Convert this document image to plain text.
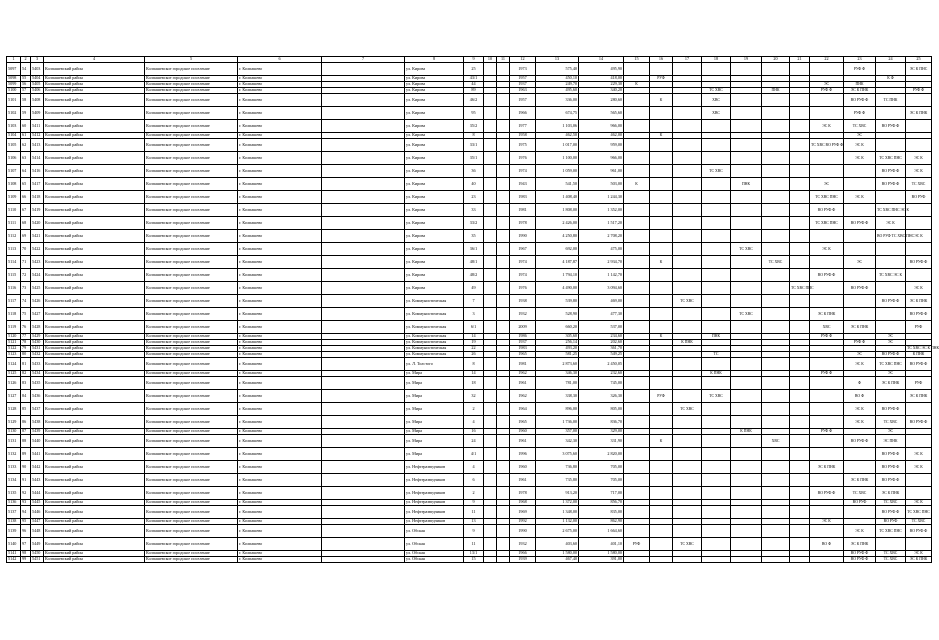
1	2	3	4	5	6	7	8	9	10	11	12	13	14	15	16	17	18	19	20	21	22	23	24	25
5097	54	5403	Колпашевский район	Колпашевское городское поселение	г. Колпашево		ул. Кирова	25			1973	575,40	495,90									РУФ Ф		ЭС К ПНС
5098	55	5404	Колпашевский район	Колпашевское городское поселение	г. Колпашево		ул. Кирова	43/1			1957	450,10	418,00		РУФ								К Ф	
5099	56	5405	Колпашевский район	Колпашевское городское поселение	г. Колпашево		ул. Кирова	44			1937	249,70	229,30	К							ЭС	ПНК		
5100	57	5406	Колпашевский район	Колпашевское городское поселение	г. Колпашево		ул. Кирова	89			1963	495,60	340,20				ТС ХВС		ПНК		РУФ Ф	ЭС К ПНК		РУФ Ф
5101	58	5408	Колпашевский район	Колпашевское городское поселение	г. Колпашево		ул. Кирова	46/2			1957	336,00	280,60		К		ХВС					ВО РУФ Ф	ТС ПНК	
5102	59	5409	Колпашевский район	Колпашевское городское поселение	г. Колпашево		ул. Кирова	95			1966	674,75	565,60				ХВС					РУФ Ф		ЭС К ПНК
5103	60	5411	Колпашевский район	Колпашевское городское поселение	г. Колпашево		ул. Кирова	35/2			1977	1 103,06	966,00								ЭС К	ТС ХВС	ВО РУФ Ф	
5104	61	5412	Колпашевский район	Колпашевское городское поселение	г. Колпашево		ул. Кирова	8			1958	462,50	462,00		К							ЭС		
5105	62	5413	Колпашевский район	Колпашевское городское поселение	г. Колпашево		ул. Кирова	33/1			1975	1 017,00	959,00								ТС ХВС ВО РУФ Ф	ЭС К		
5106	63	5414	Колпашевский район	Колпашевское городское поселение	г. Колпашево		ул. Кирова	35/1			1976	1 100,00	966,00									ЭС К	ТС ХВС ПНС	ЭС К
5107	64	5416	Колпашевский район	Колпашевское городское поселение	г. Колпашево		ул. Кирова	36			1974	1 059,00	961,00				ТС ХВС						ВО РУФ Ф	ЭС К
5108	65	5417	Колпашевский район	Колпашевское городское поселение	г. Колпашево		ул. Кирова	40			1943	541,50	503,00	К				ПНК			ЭС		ВО РУФ Ф	ТС ХВС
5109	66	5418	Колпашевский район	Колпашевское городское поселение	г. Колпашево		ул. Кирова	23			1983	1 408,40	1 244,30								ТС ХВС ПНС	ЭС К		ВО РУФ
5110	67	5419	Колпашевский район	Колпашевское городское поселение	г. Колпашево		ул. Кирова	33			1981	1 808,00	1 352,00								ВО РУФ Ф		ТС ХВС ПНС ЭС К	
5111	68	5420	Колпашевский район	Колпашевское городское поселение	г. Колпашево		ул. Кирова	33/2			1978	2 426,00	1 517,20								ТС ХВС ПНС	ВО РУФ Ф	ЭС К	
5112	69	5421	Колпашевский район	Колпашевское городское поселение	г. Колпашево		ул. Кирова	35			1990	4 250,80	2 708,20										ВО РУФ ТС ХВС ПНС	ЭС К
5113	70	5422	Колпашевский район	Колпашевское городское поселение	г. Колпашево		ул. Кирова	36/1			1967	692,00	475,00					ТС ХВС			ЭС К			
5114	71	5423	Колпашевский район	Колпашевское городское поселение	г. Колпашево		ул. Кирова	48/1			1974	4 187,87	2 934,70		К				ТС ХВС			ЭС		ВО РУФ Ф
5115	72	5424	Колпашевский район	Колпашевское городское поселение	г. Колпашево		ул. Кирова	48/2			1974	1 794,10	1 142,70								ВО РУФ Ф		ТС ХВС ЭС К	
5116	73	5425	Колпашевский район	Колпашевское городское поселение	г. Колпашево		ул. Кирова	49			1976	4 490,00	3 094,60							ТС ХВС ПНС		ВО РУФ Ф		ЭС К
5117	74	5426	Колпашевский район	Колпашевское городское поселение	г. Колпашево		ул. Коммунистическая	7			1938	539,80	469,00			ТС ХВС							ВО РУФ Ф	ЭС К ПНК
5118	75	5427	Колпашевский район	Колпашевское городское поселение	г. Колпашево		ул. Коммунистическая	3			1932	528,90	477,30					ТС ХВС			ЭС К ПНК			ВО РУФ Ф
5119	76	5428	Колпашевский район	Колпашевское городское поселение	г. Колпашево		ул. Коммунистическая	6/1			2009	660,20	537,00								ХВС	ЭС К ПНК		РУФ
5120	77	5429	Колпашевский район	Колпашевское городское поселение	г. Колпашево		ул. Коммунистическая	14			1986	305,60	234,60		К		ПНК				РУФ Ф		ЭС	
5121	78	5430	Колпашевский район	Колпашевское городское поселение	г. Колпашево		ул. Коммунистическая	19			1937	256,14	202,60			К ПНК						РУФ Ф	ЭС	
5122	79	5431	Колпашевский район	Колпашевское городское поселение	г. Колпашево		ул. Коммунистическая	22			1983	493,20	361,70											ТС ХВС ЭС К ПНК
5123	80	5432	Колпашевский район	Колпашевское городское поселение	г. Колпашево		ул. Коммунистическая	26			1965	581,25	549,25				ТС					ЭС	ВО РУФ Ф	К ПНК
5124	81	5433	Колпашевский район	Колпашевское городское поселение	г. Колпашево		ул. Л. Толстого	8			1981	2 873,60	2 450,05									ЭС К	ТС ХВС ПНС	ВО РУФ Ф
5125	82	5434	Колпашевский район	Колпашевское городское поселение	г. Колпашево		ул. Мира	14			1962	346,30	232,60				К ПНК				РУФ Ф		ЭС	
5126	83	5435	Колпашевский район	Колпашевское городское поселение	г. Колпашево		ул. Мира	18			1961	781,00	745,00									Ф	ЭС К ПНК	РУФ
5127	84	5436	Колпашевский район	Колпашевское городское поселение	г. Колпашево		ул. Мира	32			1962	338,30	326,30		РУФ		ТС ХВС					ВО Ф		ЭС К ПНК
5128	85	5437	Колпашевский район	Колпашевское городское поселение	г. Колпашево		ул. Мира	2			1964	896,00	805,00			ТС ХВС						ЭС К	ВО РУФ Ф	
5129	86	5438	Колпашевский район	Колпашевское городское поселение	г. Колпашево		ул. Мира	4			1965	1 736,00	836,70									ЭС К	ТС ХВС	ВО РУФ Ф
5130	87	5439	Колпашевский район	Колпашевское городское поселение	г. Колпашево		ул. Мира	16			1960	357,00	329,00					К ПНК			РУФ Ф		ЭС	
5131	88	5440	Колпашевский район	Колпашевское городское поселение	г. Колпашево		ул. Мира	24			1961	342,30	331,90		К				ХВС			ВО РУФ Ф	ЭС ПНК	
5132	89	5441	Колпашевский район	Колпашевское городское поселение	г. Колпашево		ул. Мира	4/1			1996	3 075,60	2 820,00										ВО РУФ Ф	ЭС К
5133	90	5442	Колпашевский район	Колпашевское городское поселение	г. Колпашево		ул. Нефтеразведчиков	4			1960	736,80	705,00								ЭС К ПНК		ВО РУФ Ф	ЭС К
5134	91	5443	Колпашевский район	Колпашевское городское поселение	г. Колпашево		ул. Нефтеразведчиков	6			1961	735,80	705,00									ЭС К ПНК	ВО РУФ Ф	
5135	92	5444	Колпашевский район	Колпашевское городское поселение	г. Колпашево		ул. Нефтеразведчиков	2			1978	913,20	717,00								ВО РУФ Ф	ТС ХВС	ЭС К ПНК	
5136	93	5445	Колпашевский район	Колпашевское городское поселение	г. Колпашево		ул. Нефтеразведчиков	9			1968	1 372,00	856,70									ВО РУФ	ТС ХВС	ЭС К
5137	94	5446	Колпашевский район	Колпашевское городское поселение	г. Колпашево		ул. Нефтеразведчиков	11			1969	1 348,00	835,00										ВО РУФ Ф	ТС ХВС ПНС
5138	95	5447	Колпашевский район	Колпашевское городское поселение	г. Колпашево		ул. Нефтеразведчиков	13			1992	1 132,00	862,90								ЭС К		ВО РУФ	ТС ХВС
5139	96	5448	Колпашевский район	Колпашевское городское поселение	г. Колпашево		ул. Обская	9			1990	2 675,00	1 664,60									ЭС К	ТС ХВС ПНС	ВО РУФ Ф
5140	97	5449	Колпашевский район	Колпашевское городское поселение	г. Колпашево		ул. Обская	11			1932	403,60	401,10	РУФ		ТС ХВС					ВО Ф	ЭС К ПНК		
5141	98	5450	Колпашевский район	Колпашевское городское поселение	г. Колпашево		ул. Обская	13/1			1966	1 580,00	1 580,00									ВО РУФ Ф	ТС ХВС	ЭС К
5142	99	5451	Колпашевский район	Колпашевское городское поселение	г. Колпашево		ул. Обская	15			1939	467,40	391,00									ВО РУФ Ф	ТС ХВС	ЭС К ПНК
